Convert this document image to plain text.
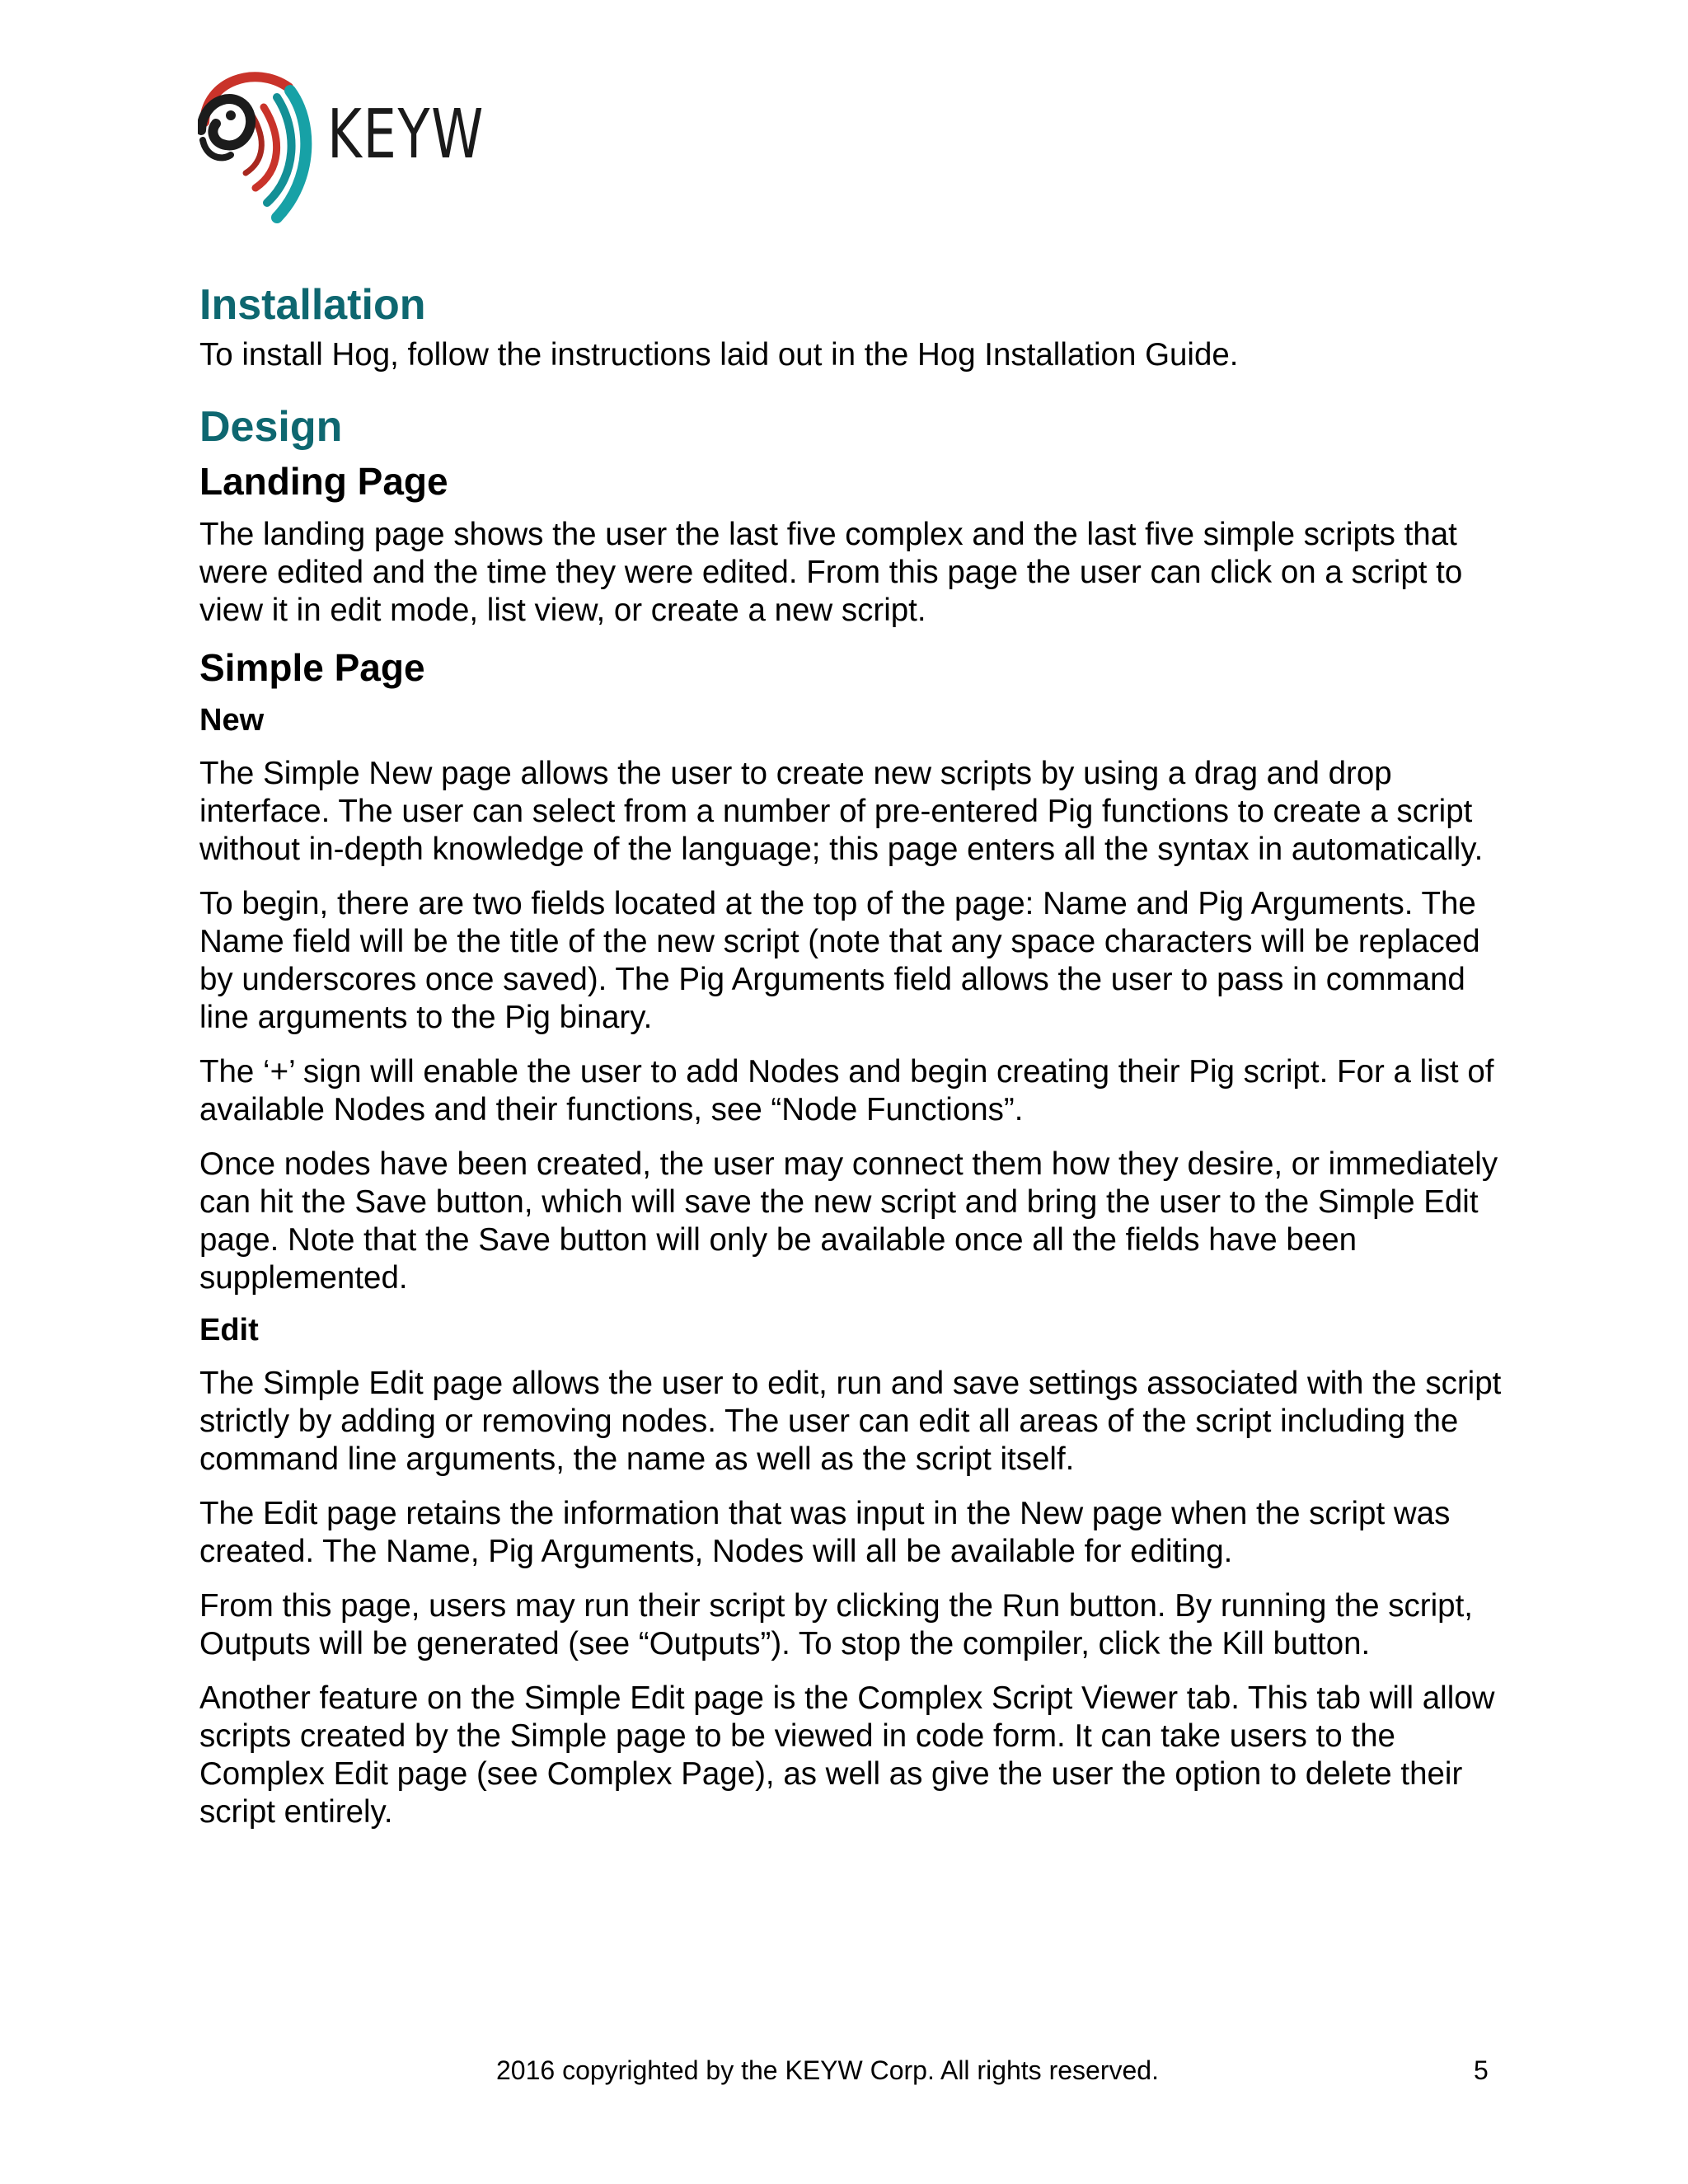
KEYW
Installation

To install Hog, follow the instructions laid out in the Hog Installation Guide.

Design
Landing Page

The landing page shows the user the last five complex and the last five simple scripts that were edited and the time they were edited. From this page the user can click on a script to view it in edit mode, list view, or create a new script.

Simple Page
New

The Simple New page allows the user to create new scripts by using a drag and drop interface. The user can select from a number of pre-entered Pig functions to create a script without in-depth knowledge of the language; this page enters all the syntax in automatically.

To begin, there are two fields located at the top of the page: Name and Pig Arguments. The Name field will be the title of the new script (note that any space characters will be replaced by underscores once saved). The Pig Arguments field allows the user to pass in command line arguments to the Pig binary.

The ‘+’ sign will enable the user to add Nodes and begin creating their Pig script. For a list of available Nodes and their functions, see “Node Functions”.

Once nodes have been created, the user may connect them how they desire, or immediately can hit the Save button, which will save the new script and bring the user to the Simple Edit page. Note that the Save button will only be available once all the fields have been supplemented.

Edit

The Simple Edit page allows the user to edit, run and save settings associated with the script strictly by adding or removing nodes. The user can edit all areas of the script including the command line arguments, the name as well as the script itself.

The Edit page retains the information that was input in the New page when the script was created. The Name, Pig Arguments, Nodes will all be available for editing.

From this page, users may run their script by clicking the Run button. By running the script, Outputs will be generated (see “Outputs”). To stop the compiler, click the Kill button.

Another feature on the Simple Edit page is the Complex Script Viewer tab. This tab will allow scripts created by the Simple page to be viewed in code form. It can take users to the Complex Edit page (see Complex Page), as well as give the user the option to delete their script entirely.

2016 copyrighted by the KEYW Corp. All rights reserved.	5
